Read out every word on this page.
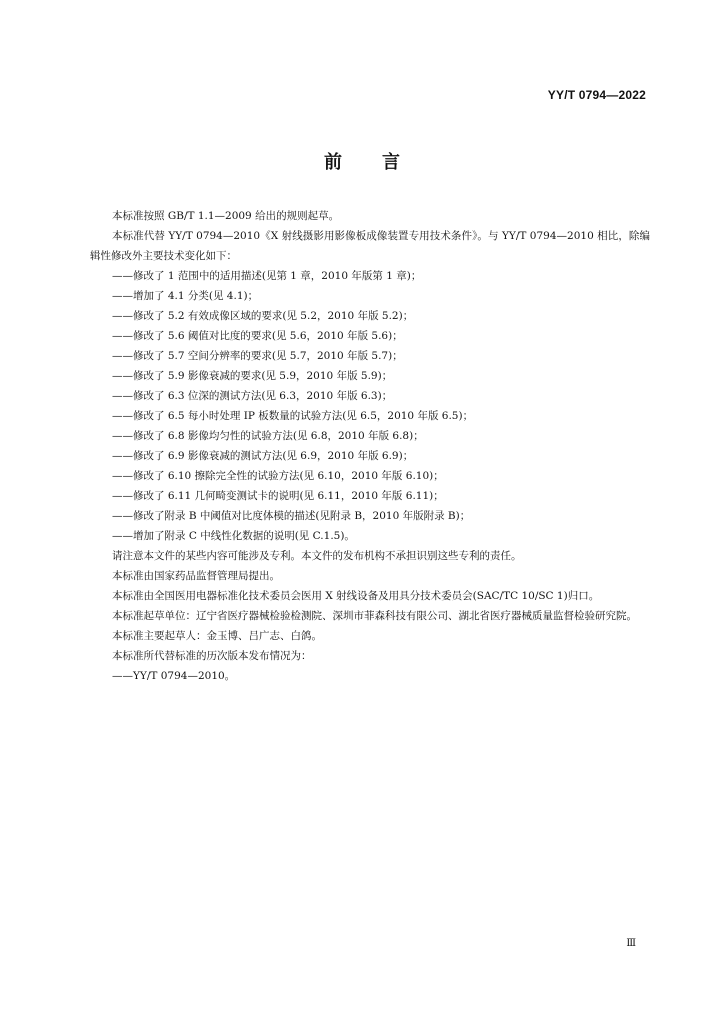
YY/T 0794—2022
前 言

本标准按照 GB/T 1.1—2009 给出的规则起草。

本标准代替 YY/T 0794—2010《X 射线摄影用影像板成像装置专用技术条件》。与 YY/T 0794—2010 相比，除编辑性修改外主要技术变化如下：

——修改了 1 范围中的适用描述(见第 1 章，2010 年版第 1 章)；

——增加了 4.1 分类(见 4.1)；

——修改了 5.2 有效成像区域的要求(见 5.2，2010 年版 5.2)；

——修改了 5.6 阈值对比度的要求(见 5.6，2010 年版 5.6)；

——修改了 5.7 空间分辨率的要求(见 5.7，2010 年版 5.7)；

——修改了 5.9 影像衰减的要求(见 5.9，2010 年版 5.9)；

——修改了 6.3 位深的测试方法(见 6.3，2010 年版 6.3)；

——修改了 6.5 每小时处理 IP 板数量的试验方法(见 6.5，2010 年版 6.5)；

——修改了 6.8 影像均匀性的试验方法(见 6.8，2010 年版 6.8)；

——修改了 6.9 影像衰减的测试方法(见 6.9，2010 年版 6.9)；

——修改了 6.10 擦除完全性的试验方法(见 6.10，2010 年版 6.10)；

——修改了 6.11 几何畸变测试卡的说明(见 6.11，2010 年版 6.11)；

——修改了附录 B 中阈值对比度体模的描述(见附录 B，2010 年版附录 B)；

——增加了附录 C 中线性化数据的说明(见 C.1.5)。

请注意本文件的某些内容可能涉及专利。本文件的发布机构不承担识别这些专利的责任。

本标准由国家药品监督管理局提出。

本标准由全国医用电器标准化技术委员会医用 X 射线设备及用具分技术委员会(SAC/TC 10/SC 1)归口。

本标准起草单位：辽宁省医疗器械检验检测院、深圳市菲森科技有限公司、湖北省医疗器械质量监督检验研究院。

本标准主要起草人：金玉博、吕广志、白鸽。

本标准所代替标准的历次版本发布情况为：

——YY/T 0794—2010。

Ⅲ
